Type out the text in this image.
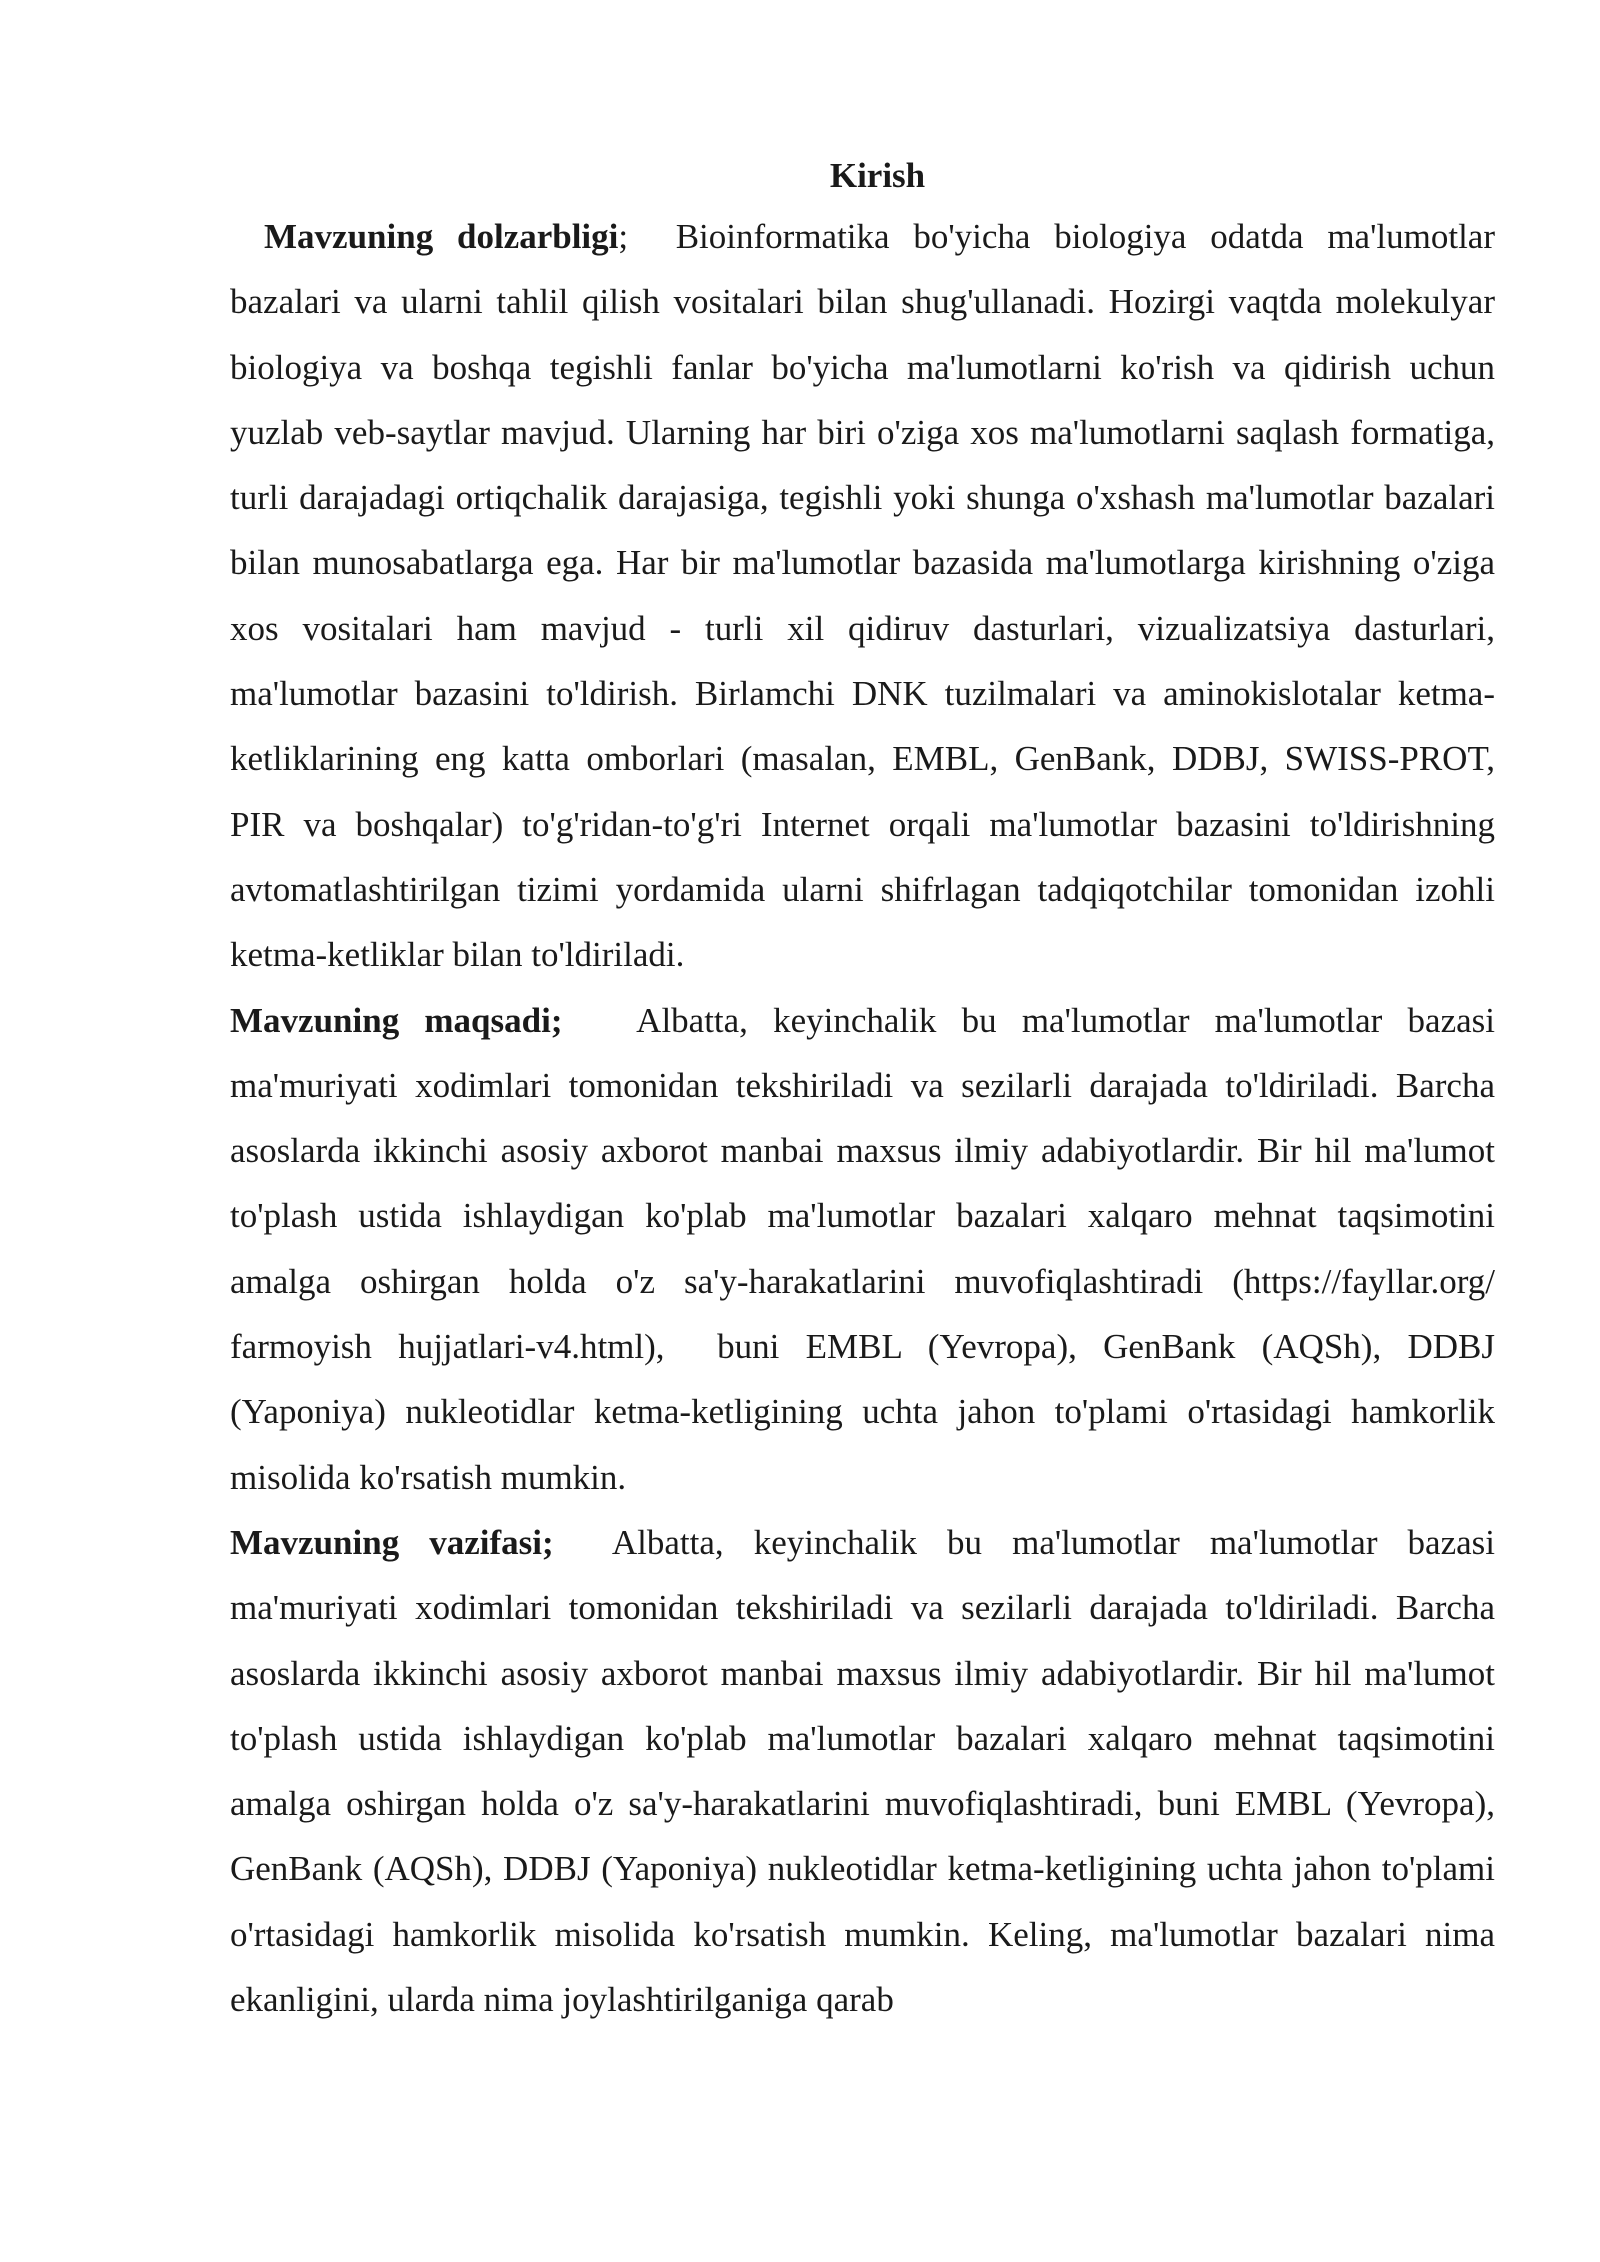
Kirish

Mavzuning dolzarbligi;  Bioinformatika bo'yicha biologiya odatda ma'lumotlar bazalari va ularni tahlil qilish vositalari bilan shug'ullanadi. Hozirgi vaqtda molekulyar biologiya va boshqa tegishli fanlar bo'yicha ma'lumotlarni ko'rish va qidirish uchun yuzlab veb-saytlar mavjud. Ularning har biri o'ziga xos ma'lumotlarni saqlash formatiga, turli darajadagi ortiqchalik darajasiga, tegishli yoki shunga o'xshash ma'lumotlar bazalari bilan munosabatlarga ega. Har bir ma'lumotlar bazasida ma'lumotlarga kirishning o'ziga xos vositalari ham mavjud - turli xil qidiruv dasturlari, vizualizatsiya dasturlari, ma'lumotlar bazasini to'ldirish. Birlamchi DNK tuzilmalari va aminokislotalar ketma-ketliklarining eng katta omborlari (masalan, EMBL, GenBank, DDBJ, SWISS-PROT, PIR va boshqalar) to'g'ridan-to'g'ri Internet orqali ma'lumotlar bazasini to'ldirishning avtomatlashtirilgan tizimi yordamida ularni shifrlagan tadqiqotchilar tomonidan izohli ketma-ketliklar bilan to'ldiriladi.

Mavzuning maqsadi;   Albatta, keyinchalik bu ma'lumotlar ma'lumotlar bazasi ma'muriyati xodimlari tomonidan tekshiriladi va sezilarli darajada to'ldiriladi. Barcha asoslarda ikkinchi asosiy axborot manbai maxsus ilmiy adabiyotlardir. Bir hil ma'lumot to'plash ustida ishlaydigan ko'plab ma'lumotlar bazalari xalqaro mehnat taqsimotini amalga oshirgan holda o'z sa'y-harakatlarini muvofiqlashtiradi (https://fayllar.org/ farmoyish hujjatlari-v4.html),  buni EMBL (Yevropa), GenBank (AQSh), DDBJ (Yaponiya) nukleotidlar ketma-ketligining uchta jahon to'plami o'rtasidagi hamkorlik misolida ko'rsatish mumkin.

Mavzuning vazifasi;  Albatta, keyinchalik bu ma'lumotlar ma'lumotlar bazasi ma'muriyati xodimlari tomonidan tekshiriladi va sezilarli darajada to'ldiriladi. Barcha asoslarda ikkinchi asosiy axborot manbai maxsus ilmiy adabiyotlardir. Bir hil ma'lumot to'plash ustida ishlaydigan ko'plab ma'lumotlar bazalari xalqaro mehnat taqsimotini amalga oshirgan holda o'z sa'y-harakatlarini muvofiqlashtiradi, buni EMBL (Yevropa), GenBank (AQSh), DDBJ (Yaponiya) nukleotidlar ketma-ketligining uchta jahon to'plami o'rtasidagi hamkorlik misolida ko'rsatish mumkin. Keling, ma'lumotlar bazalari nima ekanligini, ularda nima joylashtirilganiga qarab
